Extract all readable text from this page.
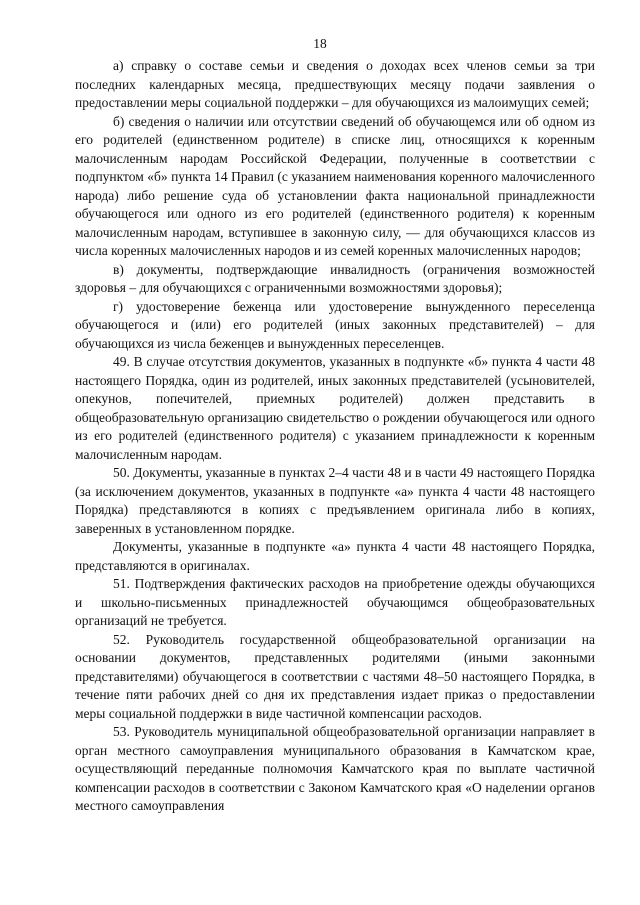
18

а) справку о составе семьи и сведения о доходах всех членов семьи за три последних календарных месяца, предшествующих месяцу подачи заявления о предоставлении меры социальной поддержки – для обучающихся из малоимущих семей;

б) сведения о наличии или отсутствии сведений об обучающемся или об одном из его родителей (единственном родителе) в списке лиц, относящихся к коренным малочисленным народам Российской Федерации, полученные в соответствии с подпунктом «б» пункта 14 Правил (с указанием наименования коренного малочисленного народа) либо решение суда об установлении факта национальной принадлежности обучающегося или одного из его родителей (единственного родителя) к коренным малочисленным народам, вступившее в законную силу, — для обучающихся классов из числа коренных малочисленных народов и из семей коренных малочисленных народов;

в) документы, подтверждающие инвалидность (ограничения возможностей здоровья – для обучающихся с ограниченными возможностями здоровья);

г) удостоверение беженца или удостоверение вынужденного переселенца обучающегося и (или) его родителей (иных законных представителей) – для обучающихся из числа беженцев и вынужденных переселенцев.

49. В случае отсутствия документов, указанных в подпункте «б» пункта 4 части 48 настоящего Порядка, один из родителей, иных законных представителей (усыновителей, опекунов, попечителей, приемных родителей) должен представить в общеобразовательную организацию свидетельство о рождении обучающегося или одного из его родителей (единственного родителя) с указанием принадлежности к коренным малочисленным народам.

50. Документы, указанные в пунктах 2–4 части 48 и в части 49 настоящего Порядка (за исключением документов, указанных в подпункте «а» пункта 4 части 48 настоящего Порядка) представляются в копиях с предъявлением оригинала либо в копиях, заверенных в установленном порядке.

Документы, указанные в подпункте «а» пункта 4 части 48 настоящего Порядка, представляются в оригиналах.

51. Подтверждения фактических расходов на приобретение одежды обучающихся и школьно-письменных принадлежностей обучающимся общеобразовательных организаций не требуется.

52. Руководитель государственной общеобразовательной организации на основании документов, представленных родителями (иными законными представителями) обучающегося в соответствии с частями 48–50 настоящего Порядка, в течение пяти рабочих дней со дня их представления издает приказ о предоставлении меры социальной поддержки в виде частичной компенсации расходов.

53. Руководитель муниципальной общеобразовательной организации направляет в орган местного самоуправления муниципального образования в Камчатском крае, осуществляющий переданные полномочия Камчатского края по выплате частичной компенсации расходов в соответствии с Законом Камчатского края «О наделении органов местного самоуправления
